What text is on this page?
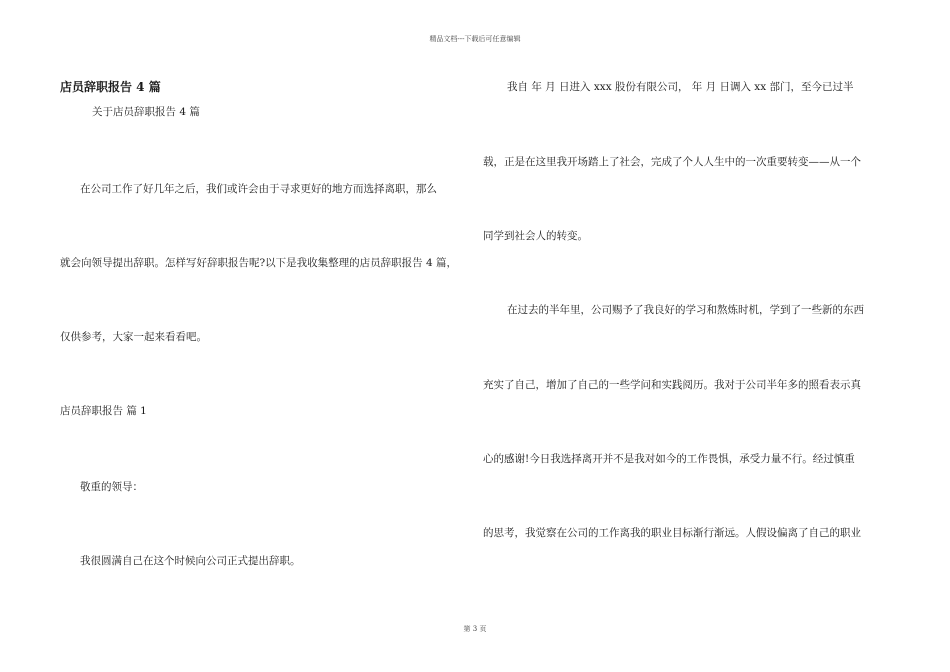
精品文档---下载后可任意编辑
店员辞职报告 4 篇
关于店员辞职报告 4 篇
在公司工作了好几年之后，我们或许会由于寻求更好的地方而选择离职，那么
就会向领导提出辞职。怎样写好辞职报告呢?以下是我收集整理的店员辞职报告 4 篇，
仅供参考，大家一起来看看吧。
店员辞职报告 篇 1
敬重的领导：
我很圆满自己在这个时候向公司正式提出辞职。
我自 年 月 日进入 xxx 股份有限公司， 年 月 日调入 xx 部门，至今已过半
载，正是在这里我开场踏上了社会，完成了个人人生中的一次重要转变——从一个
同学到社会人的转变。
在过去的半年里，公司赐予了我良好的学习和熬炼时机，学到了一些新的东西
充实了自己，增加了自己的一些学问和实践阅历。我对于公司半年多的照看表示真
心的感谢!今日我选择离开并不是我对如今的工作畏惧，承受力量不行。经过慎重
的思考，我觉察在公司的工作离我的职业目标渐行渐远。人假设偏离了自己的职业
第 3 页
